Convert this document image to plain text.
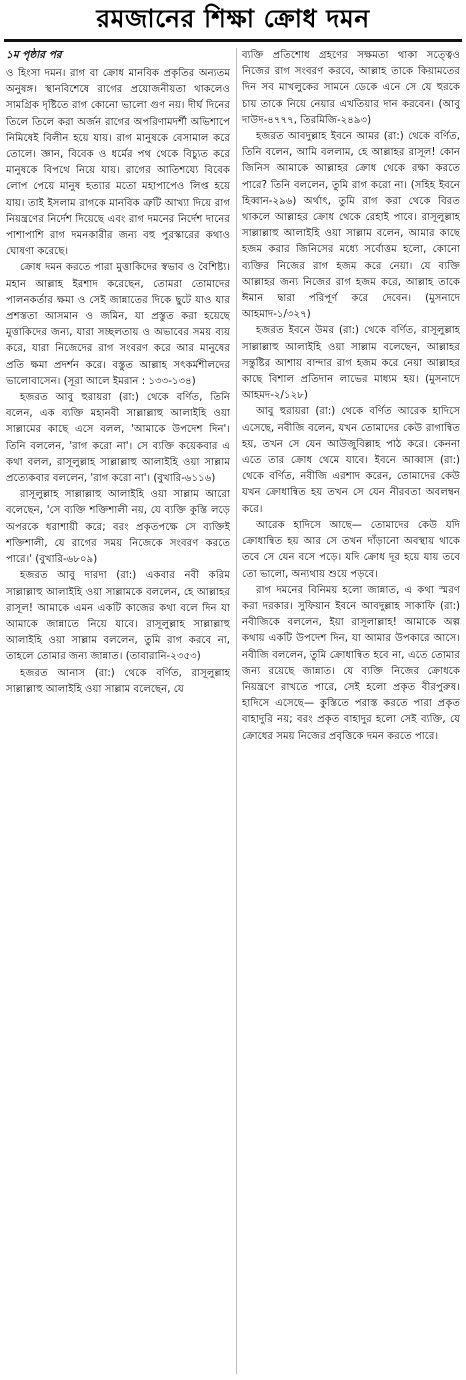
রমজানের শিক্ষা ক্রোধ দমন
১ম পৃষ্ঠার পর

ও হিংসা দমন। রাগ বা ক্রোধ মানবিক প্রকৃতির অন্যতম অনুষঙ্গ। স্থানবিশেষে রাগের প্রয়োজনীয়তা থাকলেও সামগ্রিক দৃষ্টিতে রাগ কোনো ভালো গুণ নয়। দীর্ঘ দিনের তিলে তিলে করা অর্জন রাগের অপরিণামদর্শী অভিশাপে নিমিষেই বিলীন হয়ে যায়। রাগ মানুষকে বেসামাল করে তোলে। জ্ঞান, বিবেক ও ধর্মের পথ থেকে বিচ্যুত করে মানুষকে বিপথে নিয়ে যায়। রাগের আতিশয্যে বিবেক লোপ পেয়ে মানুষ হত্যার মতো মহাপাপেও লিপ্ত হয়ে যায়। তাই ইসলাম রাগকে মানবিক ত্রুটি আখ্যা দিয়ে রাগ নিয়ন্ত্রণের নির্দেশ দিয়েছে এবং রাগ দমনের নির্দেশ দানের পাশাপাশি রাগ দমনকারীর জন্য বহু পুরস্কারের কথাও ঘোষণা করেছে।

ক্রোধ দমন করতে পারা মুত্তাকিদের স্বভাব ও বৈশিষ্ট্য। মহান আল্লাহ ইরশাদ করেছেন, তোমরা তোমাদের পালনকর্তার ক্ষমা ও সেই জান্নাতের দিকে ছুটে যাও যার প্রশস্ততা আসমান ও জমিন, যা প্রস্তুত করা হয়েছে মুত্তাকিদের জন্য, যারা সচ্ছলতায় ও অভাবের সময় ব্যয় করে, যারা নিজেদের রাগ সংবরণ করে আর মানুষের প্রতি ক্ষমা প্রদর্শন করে। বস্তুত আল্লাহ সৎকর্মশীলদের ভালোবাসেন। (সূরা আলে ইমরান : ১৩৩-১৩৪)

হজরত আবু হুরায়রা (রা:) থেকে বর্ণিত, তিনি বলেন, এক ব্যক্তি মহানবী সাল্লাল্লাহু আলাইহি ওয়া সাল্লামের কাছে এসে বলল, 'আমাকে উপদেশ দিন'। তিনি বললেন, 'রাগ করো না'। সে ব্যক্তি কয়েকবার এ কথা বলল, রাসূলুল্লাহ সাল্লাল্লাহু আলাইহি ওয়া সাল্লাম প্রত্যেকবার বললেন, 'রাগ করো না'। (বুখারি-৬১১৬)

রাসূলুল্লাহ সাল্লাল্লাহু আলাইহি ওয়া সাল্লাম আরো বলেছেন, 'সে ব্যক্তি শক্তিশালী নয়, যে ব্যক্তি কুস্তি লড়ে অপরকে ধরাশায়ী করে; বরং প্রকৃতপক্ষে সে ব্যক্তিই শক্তিশালী, যে রাগের সময় নিজেকে সংবরণ করতে পারে।' (বুখারি-৬৮০৯)

হজরত আবু দারদা (রা:) একবার নবী করিম সাল্লাল্লাহু আলাইহি ওয়া সাল্লামকে বললেন, হে আল্লাহর রাসূল! আমাকে এমন একটি কাজের কথা বলে দিন যা আমাকে জান্নাতে নিয়ে যাবে। রাসূলুল্লাহ সাল্লাল্লাহু আলাইহি ওয়া সাল্লাম বললেন, তুমি রাগ করবে না, তাহলে তোমার জন্য জান্নাত। (তাবারানি-২৩৫৩)

হজরত আনাস (রা:) থেকে বর্ণিত, রাসূলুল্লাহ সাল্লাল্লাহু আলাইহি ওয়া সাল্লাম বলেছেন, যে

ব্যক্তি প্রতিশোধ গ্রহণের সক্ষমতা থাকা সত্ত্বেও নিজের রাগ সংবরণ করবে, আল্লাহ তাকে কিয়ামতের দিন সব মাখলুকের সামনে ডেকে এনে সে যে হুরকে চায় তাকে নিয়ে নেয়ার এখতিয়ার দান করবেন। (আবু দাউদ-৪৭৭৭, তিরমিজি-২৪৯৩)

হজরত আবদুল্লাহ ইবনে আমর (রা:) থেকে বর্ণিত, তিনি বলেন, আমি বললাম, হে আল্লাহর রাসূল! কোন জিনিস আমাকে আল্লাহর ক্রোধ থেকে রক্ষা করতে পারে? তিনি বললেন, তুমি রাগ করো না। (সহিহ ইবনে হিব্বান-২৯৬) অর্থাৎ, তুমি রাগ করা থেকে বিরত থাকলে আল্লাহর ক্রোধ থেকে রেহাই পাবে। রাসূলুল্লাহ সাল্লাল্লাহু আলাইহি ওয়া সাল্লাম বলেন, আমার কাছে হজম করার জিনিসের মধ্যে সর্বোত্তম হলো, কোনো ব্যক্তির নিজের রাগ হজম করে নেয়া। যে ব্যক্তি আল্লাহর জন্য নিজের রাগ হজম করে, আল্লাহ তাকে ঈমান দ্বারা পরিপূর্ণ করে দেবেন। (মুসনাদে আহমাদ-১/৩২৭)

হজরত ইবনে উমর (রা:) থেকে বর্ণিত, রাসূলুল্লাহ সাল্লাল্লাহু আলাইহি ওয়া সাল্লাম বলেছেন, আল্লাহর সন্তুষ্টির আশায় বান্দার রাগ হজম করে নেয়া আল্লাহর কাছে বিশাল প্রতিদান লাভের মাধ্যম হয়। (মুসনাদে আহমদ-২/১২৮)

আবু হুরায়রা (রা:) থেকে বর্ণিত আরেক হাদিসে এসেছে, নবীজি বলেন, যখন তোমাদের কেউ রাগান্বিত হয়, তখন সে যেন আউজুবিল্লাহ পাঠ করে। কেননা এতে তার ক্রোধ থেমে যাবে। ইবনে আব্বাস (রা:) থেকে বর্ণিত, নবীজি এরশাদ করেন, তোমাদের কেউ যখন ক্রোধান্বিত হয় তখন সে যেন নীরবতা অবলম্বন করে।

আরেক হাদিসে আছে— তোমাদের কেউ যদি ক্রোধান্বিত হয় আর সে তখন দাঁড়ানো অবস্থায় থাকে তবে সে যেন বসে পড়ে। যদি ক্রোধ দূর হয়ে যায় তবে তো ভালো, অন্যথায় শুয়ে পড়বে।

রাগ দমনের বিনিময় হলো জান্নাত, এ কথা স্মরণ করা দরকার। সুফিয়ান ইবনে আবদুল্লাহ সাকাফি (রা:) নবীজিকে বললেন, ইয়া রাসূলাল্লাহ! আমাকে অল্প কথায় একটি উপদেশ দিন, যা আমার উপকারে আসে। নবীজি বললেন, তুমি ক্রোধান্বিত হবে না, এতে তোমার জন্য রয়েছে জান্নাত। যে ব্যক্তি নিজের ক্রোধকে নিয়ন্ত্রণে রাখতে পারে, সেই হলো প্রকৃত বীরপুরুষ। হাদিসে এসেছে— কুস্তিতে পরাস্ত করতে পারা প্রকৃত বাহাদুরি নয়; বরং প্রকৃত বাহাদুর হলো সেই ব্যক্তি, যে ক্রোধের সময় নিজের প্রবৃত্তিকে দমন করতে পারে।
